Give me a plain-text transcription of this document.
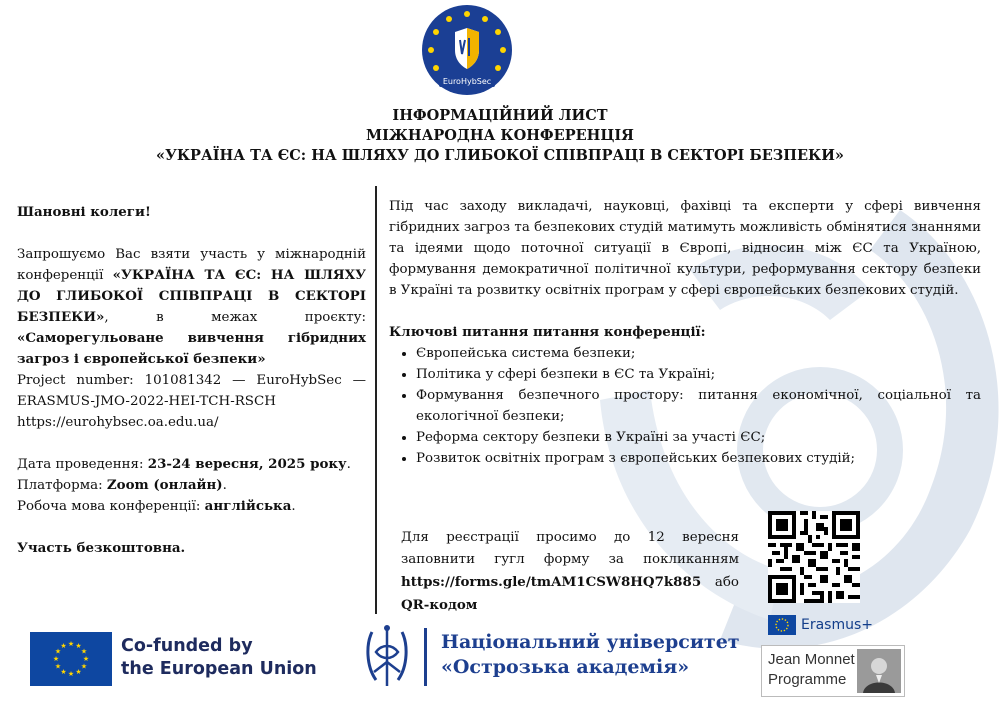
EuroHybSec
ІНФОРМАЦІЙНИЙ ЛИСТ
МІЖНАРОДНА КОНФЕРЕНЦІЯ
«УКРАЇНА ТА ЄС: НА ШЛЯХУ ДО ГЛИБОКОЇ СПІВПРАЦІ В СЕКТОРІ БЕЗПЕКИ»

Шановні колеги!

Запрошуємо Вас взяти участь у міжнародній конференції «УКРАЇНА ТА ЄС: НА ШЛЯХУ ДО ГЛИБОКОЇ СПІВПРАЦІ В СЕКТОРІ БЕЗПЕКИ», в межах проєкту: «Саморегульоване вивчення гібридних загроз і європейської безпеки»

Project number: 101081342 — EuroHybSec — ERASMUS-JMO-2022-HEI-TCH-RSCH

https://eurohybsec.oa.edu.ua/

Дата проведення: 23-24 вересня, 2025 року.

Платформа: Zoom (онлайн).

Робоча мова конференції: англійська.

Участь безкоштовна.

Під час заходу викладачі, науковці, фахівці та експерти у сфері вивчення гібридних загроз та безпекових студій матимуть можливість обмінятися знаннями та ідеями щодо поточної ситуації в Європі, відносин між ЄС та Україною, формування демократичної політичної культури, реформування сектору безпеки в Україні та розвитку освітніх програм у сфері європейських безпекових студій.

Ключові питання питання конференції:

• Європейська система безпеки;
• Політика у сфері безпеки в ЄС та Україні;
• Формування безпечного простору: питання економічної, соціальної та екологічної безпеки;
• Реформа сектору безпеки в Україні за участі ЄС;
• Розвиток освітніх програм з європейських безпекових студій;
Для реєстрації просимо до 12 вересня заповнити гугл форму за покликанням https://forms.gle/tmAM1CSW8HQ7k885 або
QR-кодом
★ ★
★
★
★
★
★
★
★
★
★
★	Co-funded by
the European Union
Національний університет
«Острозька академія»
Erasmus+
Jean Monnet
Programme
